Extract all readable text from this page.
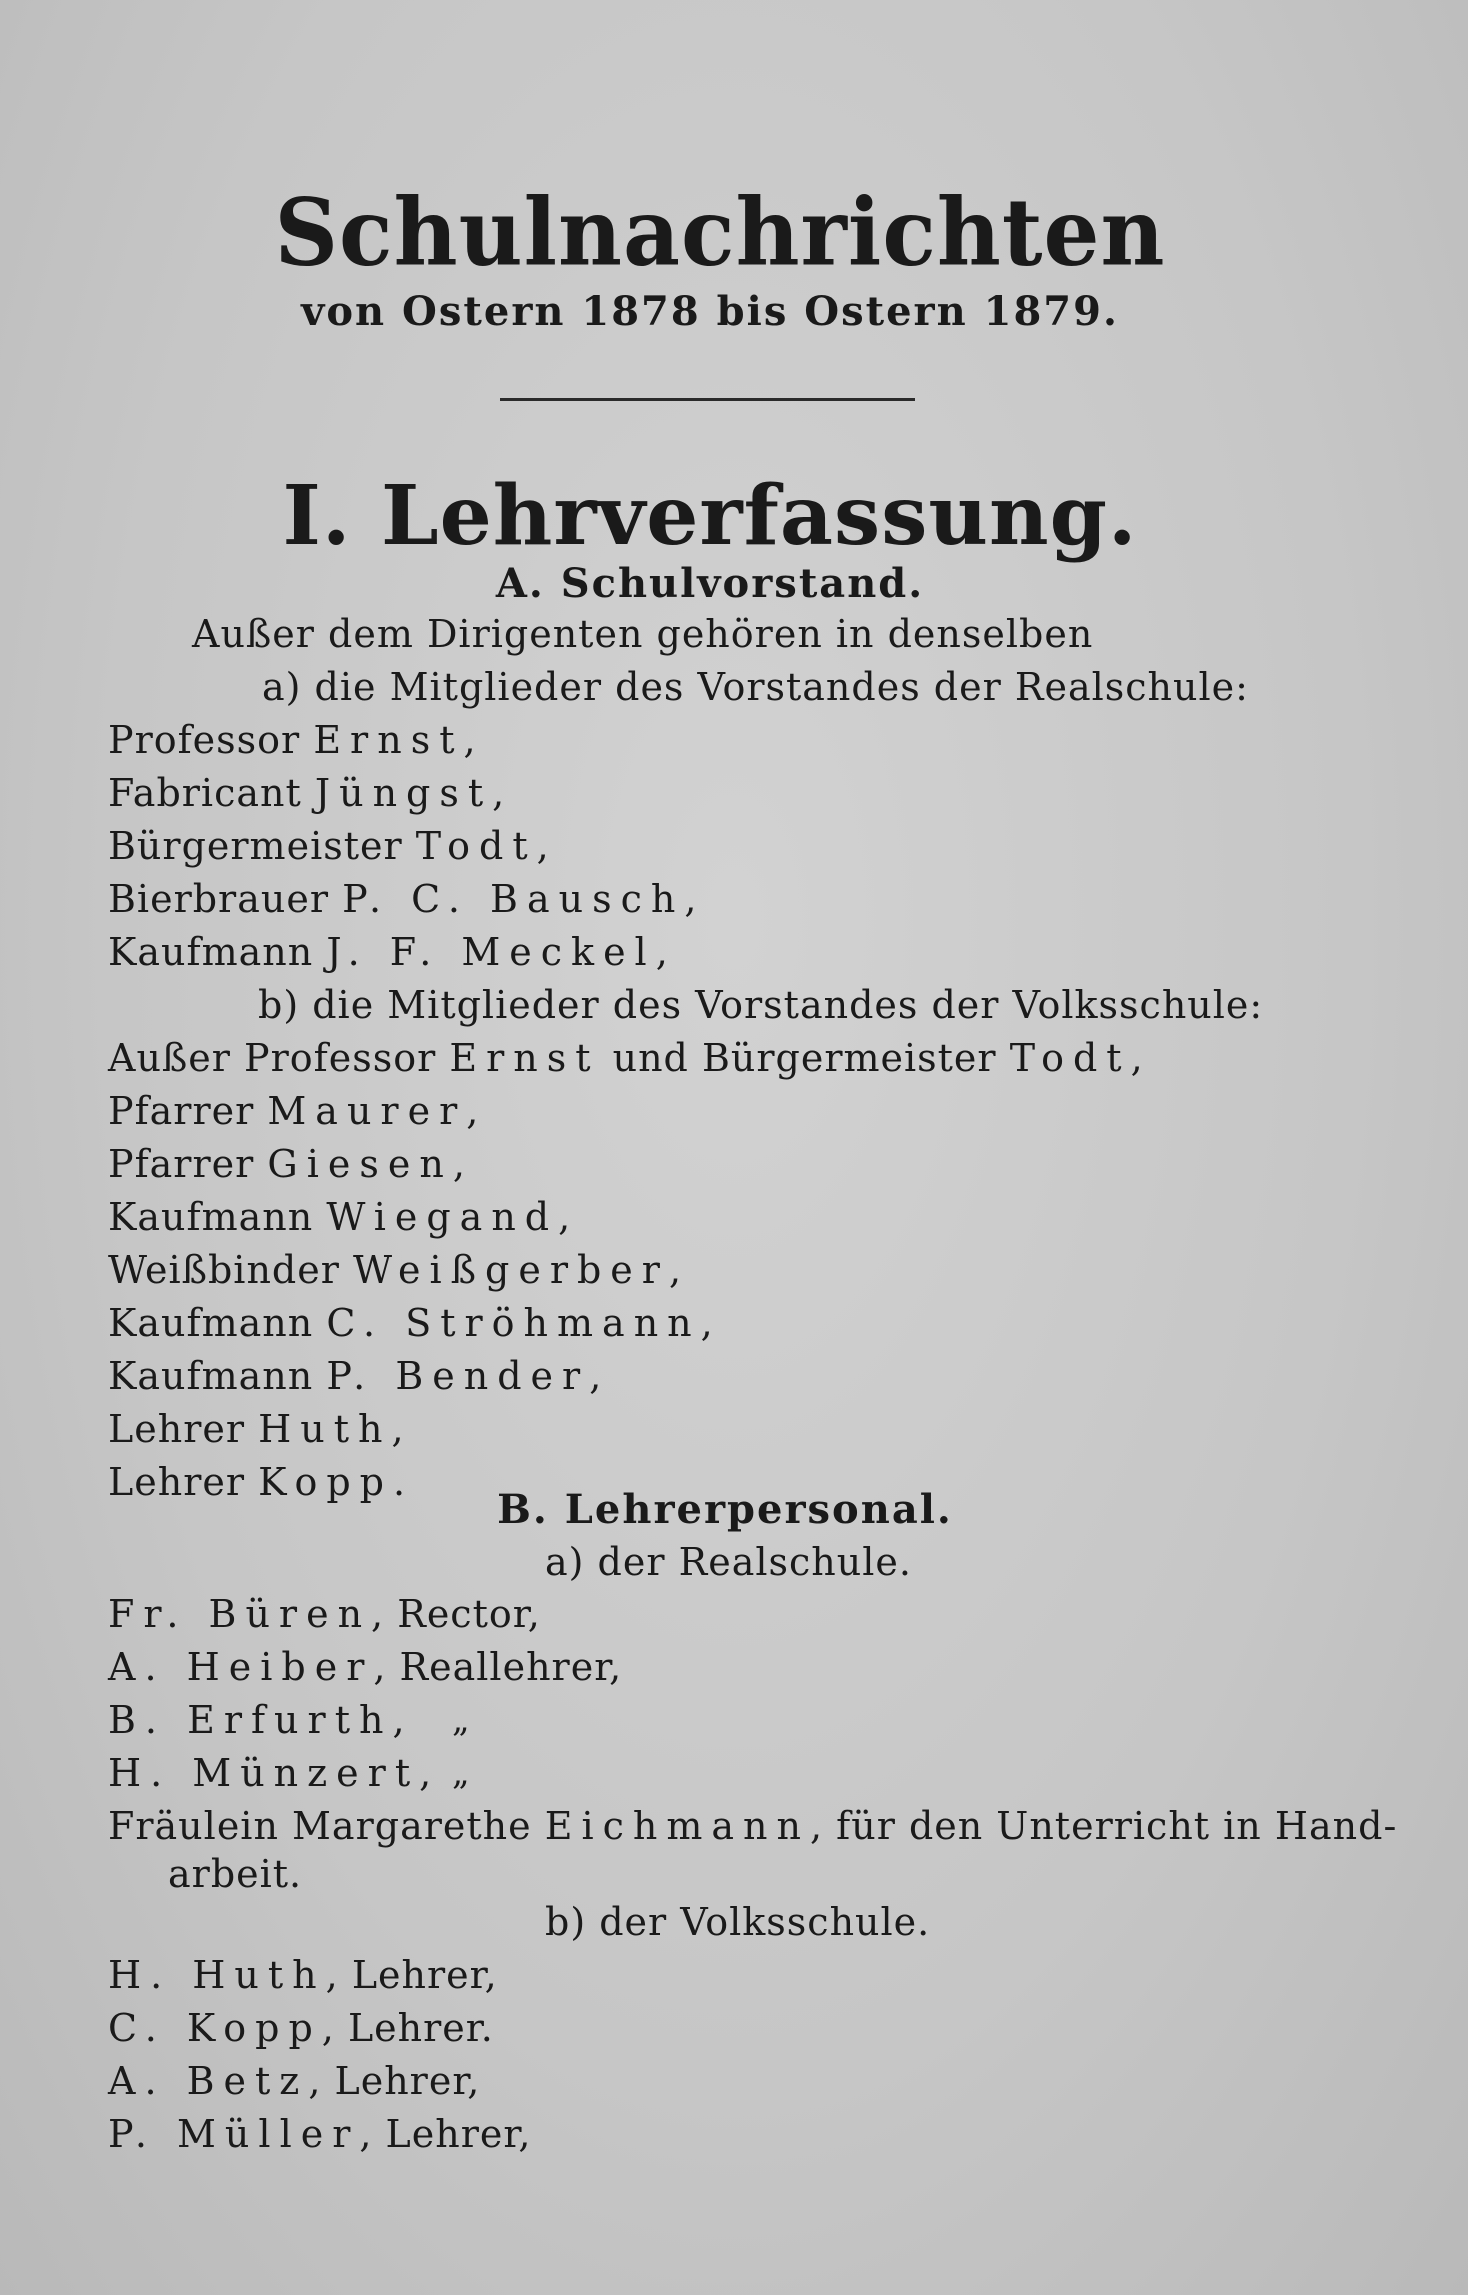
Schulnachrichten
von Ostern 1878 bis Ostern 1879.
I. Lehrverfassung.
A. Schulvorstand.
Außer dem Dirigenten gehören in denselben
a) die Mitglieder des Vorstandes der Realschule:
Professor Ernst,
Fabricant Jüngst,
Bürgermeister Todt,
Bierbrauer P. C. Bausch,
Kaufmann J. F. Meckel,
b) die Mitglieder des Vorstandes der Volksschule:
Außer Professor Ernst und Bürgermeister Todt,
Pfarrer Maurer,
Pfarrer Giesen,
Kaufmann Wiegand,
Weißbinder Weißgerber,
Kaufmann C. Ströhmann,
Kaufmann P. Bender,
Lehrer Huth,
Lehrer Kopp.
B. Lehrerpersonal.
a) der Realschule.
Fr. Büren, Rector,
A. Heiber, Reallehrer,
B. Erfurth, „
H. Münzert, „
Fräulein Margarethe Eichmann, für den Unterricht in Hand-
arbeit.
b) der Volksschule.
H. Huth, Lehrer,
C. Kopp, Lehrer.
A. Betz, Lehrer,
P. Müller, Lehrer,
